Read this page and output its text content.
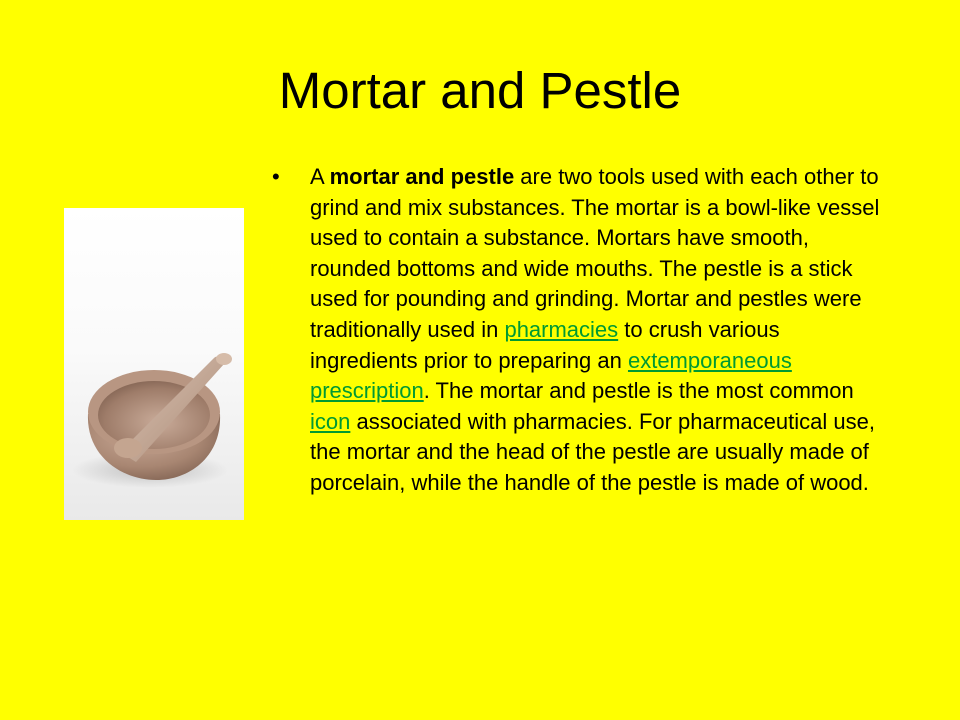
Mortar and Pestle
• A mortar and pestle are two tools used with each other to grind and mix substances. The mortar is a bowl-like vessel used to contain a substance. Mortars have smooth, rounded bottoms and wide mouths. The pestle is a stick used for pounding and grinding. Mortar and pestles were traditionally used in pharmacies to crush various ingredients prior to preparing an extemporaneous prescription. The mortar and pestle is the most common icon associated with pharmacies. For pharmaceutical use, the mortar and the head of the pestle are usually made of porcelain, while the handle of the pestle is made of wood.
